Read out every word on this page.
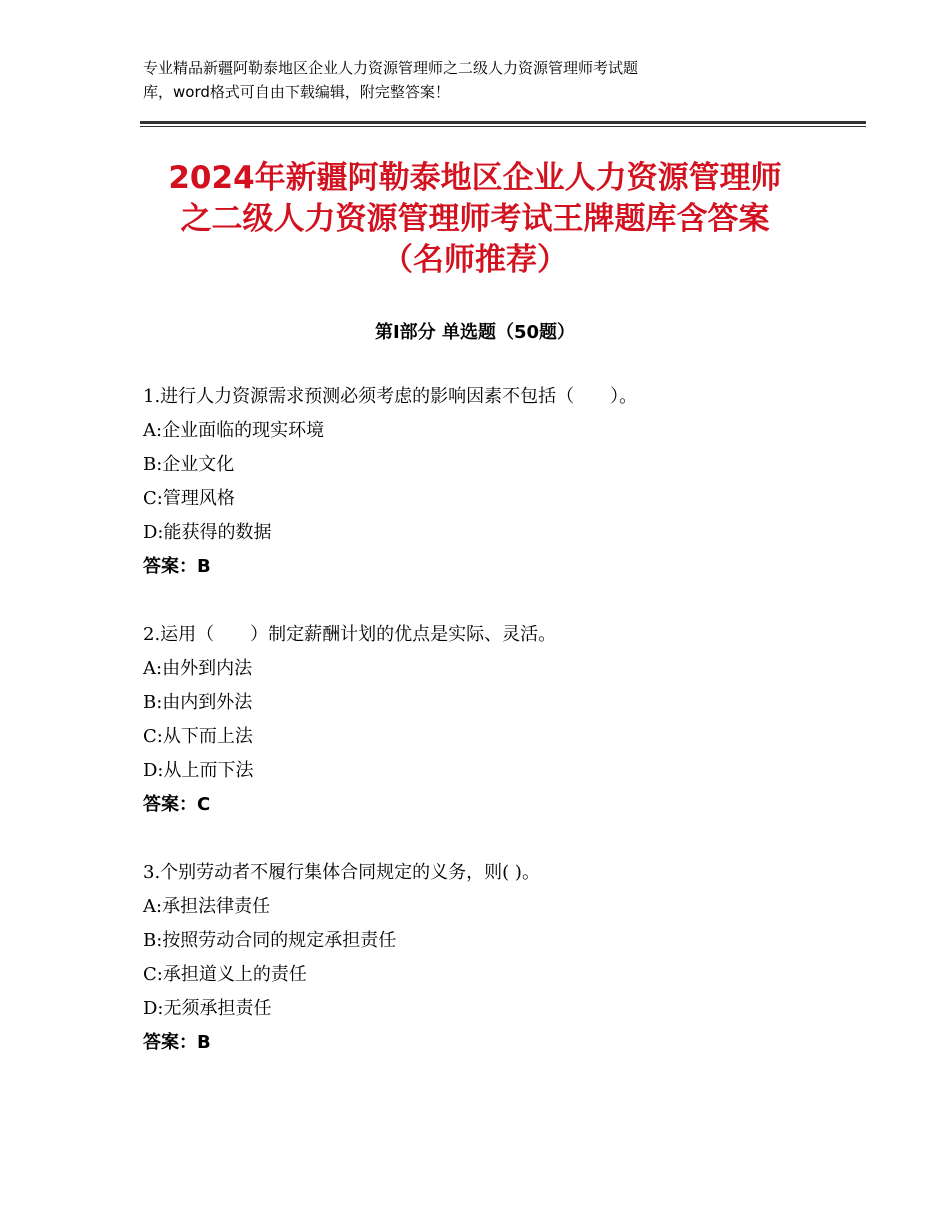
专业精品新疆阿勒泰地区企业人力资源管理师之二级人力资源管理师考试题
库，word格式可自由下载编辑，附完整答案！
2024年新疆阿勒泰地区企业人力资源管理师
之二级人力资源管理师考试王牌题库含答案
（名师推荐）
第Ⅰ部分 单选题（50题）
1.进行人力资源需求预测必须考虑的影响因素不包括（　　）。
A:企业面临的现实环境
B:企业文化
C:管理风格
D:能获得的数据
答案：B
2.运用（　　）制定薪酬计划的优点是实际、灵活。
A:由外到内法
B:由内到外法
C:从下而上法
D:从上而下法
答案：C
3.个别劳动者不履行集体合同规定的义务，则( )。
A:承担法律责任
B:按照劳动合同的规定承担责任
C:承担道义上的责任
D:无须承担责任
答案：B
